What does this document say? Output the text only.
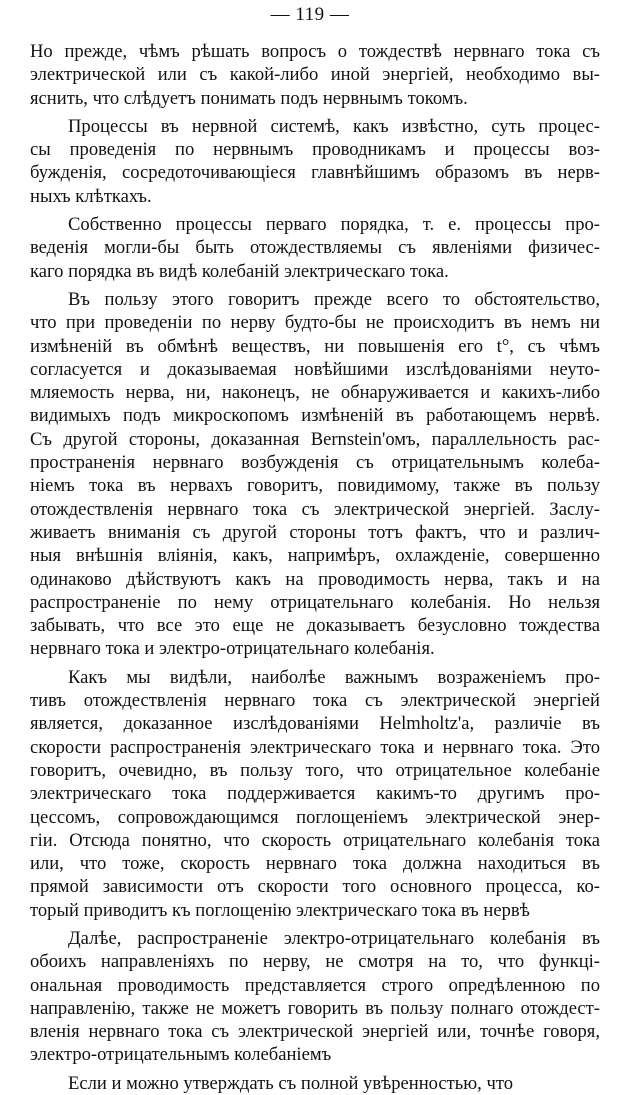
— 119 —
Но прежде, чѣмъ рѣшать вопросъ о тождествѣ нервнаго тока съ
электрической или съ какой-либо иной энергіей, необходимо вы-
яснить, что слѣдуетъ понимать подъ нервнымъ токомъ.
Процессы въ нервной системѣ, какъ извѣстно, суть процес-
сы проведенія по нервнымъ проводникамъ и процессы воз-
бужденія, сосредоточивающіеся главнѣйшимъ образомъ въ нерв-
ныхъ клѣткахъ.
Собственно процессы перваго порядка, т. е. процессы про-
веденія могли-бы быть отождествляемы съ явленіями физичес-
каго порядка въ видѣ колебаній электрическаго тока.
Въ пользу этого говоритъ прежде всего то обстоятельство,
что при проведеніи по нерву будто-бы не происходитъ въ немъ ни
измѣненій въ обмѣнѣ веществъ, ни повышенія его t°, съ чѣмъ
согласуется и доказываемая новѣйшими изслѣдованіями неуто-
мляемость нерва, ни, наконецъ, не обнаруживается и какихъ-либо
видимыхъ подъ микроскопомъ измѣненій въ работающемъ нервѣ.
Съ другой стороны, доказанная Bernstein'омъ, параллельность рас-
пространенія нервнаго возбужденія съ отрицательнымъ колеба-
ніемъ тока въ нервахъ говоритъ, повидимому, также въ пользу
отождествленія нервнаго тока съ электрической энергіей. Заслу-
живаетъ вниманія съ другой стороны тотъ фактъ, что и различ-
ныя внѣшнія вліянія, какъ, напримѣръ, охлажденіе, совершенно
одинаково дѣйствуютъ какъ на проводимость нерва, такъ и на
распространеніе по нему отрицательнаго колебанія. Но нельзя
забывать, что все это еще не доказываетъ безусловно тождества
нервнаго тока и электро-отрицательнаго колебанія.
Какъ мы видѣли, наиболѣе важнымъ возраженіемъ про-
тивъ отождествленія нервнаго тока съ электрической энергіей
является, доказанное изслѣдованіями Helmholtz'a, различіе въ
скорости распространенія электрическаго тока и нервнаго тока. Это
говоритъ, очевидно, въ пользу того, что отрицательное колебаніе
электрическаго тока поддерживается какимъ-то другимъ про-
цессомъ, сопровождающимся поглощеніемъ электрической энер-
гіи. Отсюда понятно, что скорость отрицательнаго колебанія тока
или, что тоже, скорость нервнаго тока должна находиться въ
прямой зависимости отъ скорости того основного процесса, ко-
торый приводитъ къ поглощенію электрическаго тока въ нервѣ
Далѣе, распространеніе электро-отрицательнаго колебанія въ
обоихъ направленіяхъ по нерву, не смотря на то, что функці-
ональная проводимость представляется строго опредѣленною по
направленію, также не можетъ говорить въ пользу полнаго отождест-
вленія нервнаго тока съ электрической энергіей или, точнѣе говоря,
электро-отрицательнымъ колебаніемъ
Если и можно утверждать съ полной увѣренностью, что
